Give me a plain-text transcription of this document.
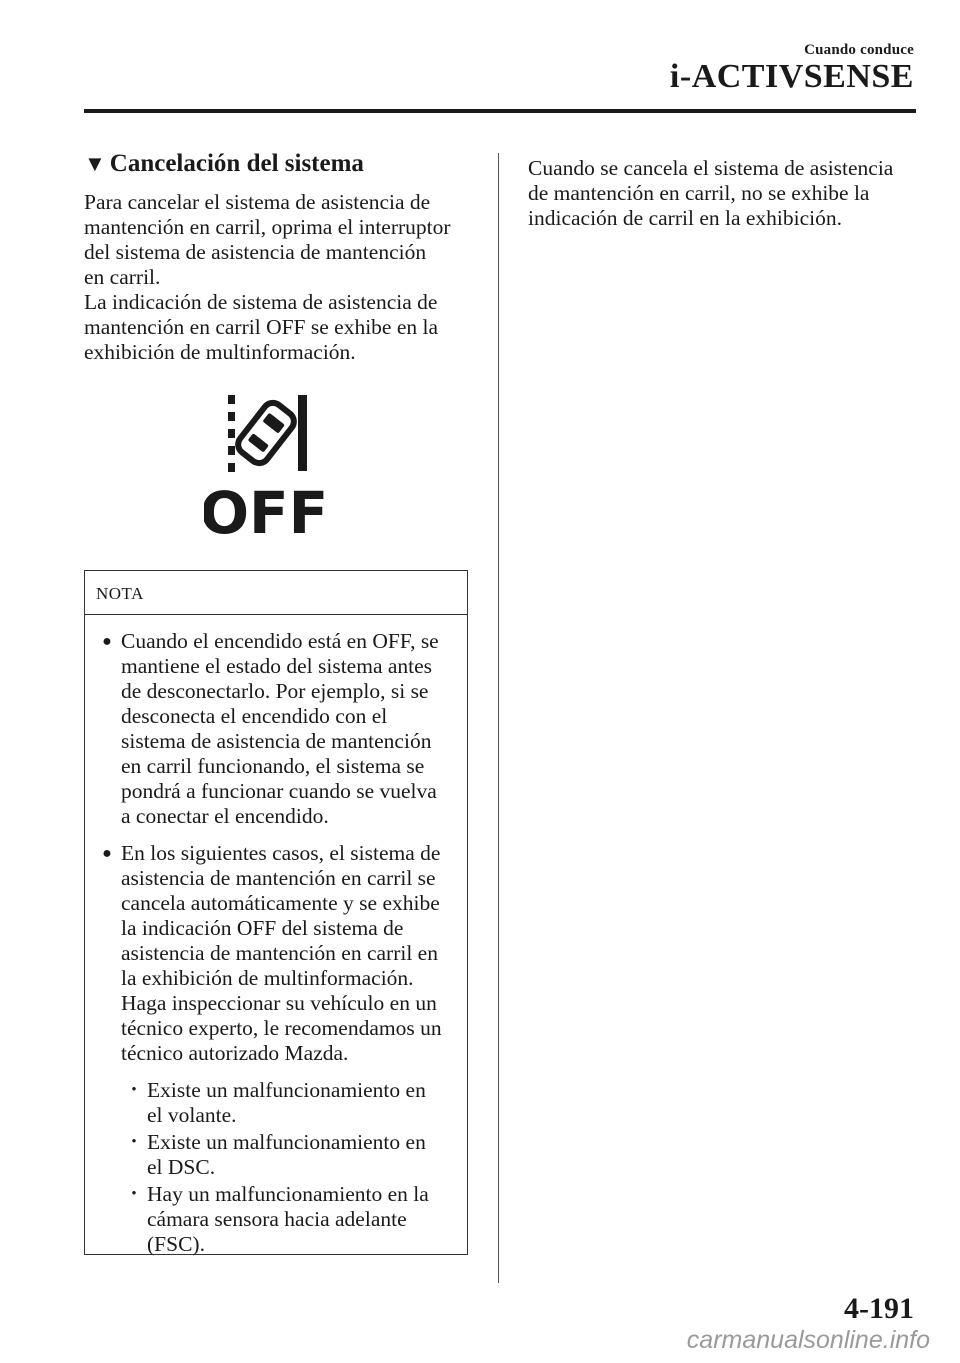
Cuando conduce
i-ACTIVSENSE
▼ Cancelación del sistema

Para cancelar el sistema de asistencia de
mantención en carril, oprima el interruptor
del sistema de asistencia de mantención
en carril.
La indicación de sistema de asistencia de
mantención en carril OFF se exhibe en la
exhibición de multinformación.

OFF
NOTA
● Cuando el encendido está en OFF, se
mantiene el estado del sistema antes
de desconectarlo. Por ejemplo, si se
desconecta el encendido con el
sistema de asistencia de mantención
en carril funcionando, el sistema se
pondrá a funcionar cuando se vuelva
a conectar el encendido.
● En los siguientes casos, el sistema de
asistencia de mantención en carril se
cancela automáticamente y se exhibe
la indicación OFF del sistema de
asistencia de mantención en carril en
la exhibición de multinformación.
Haga inspeccionar su vehículo en un
técnico experto, le recomendamos un
técnico autorizado Mazda.
• Existe un malfuncionamiento en
el volante.
• Existe un malfuncionamiento en
el DSC.
• Hay un malfuncionamiento en la
cámara sensora hacia adelante
(FSC).

Cuando se cancela el sistema de asistencia
de mantención en carril, no se exhibe la
indicación de carril en la exhibición.

4-191
carmanualsonline.info
